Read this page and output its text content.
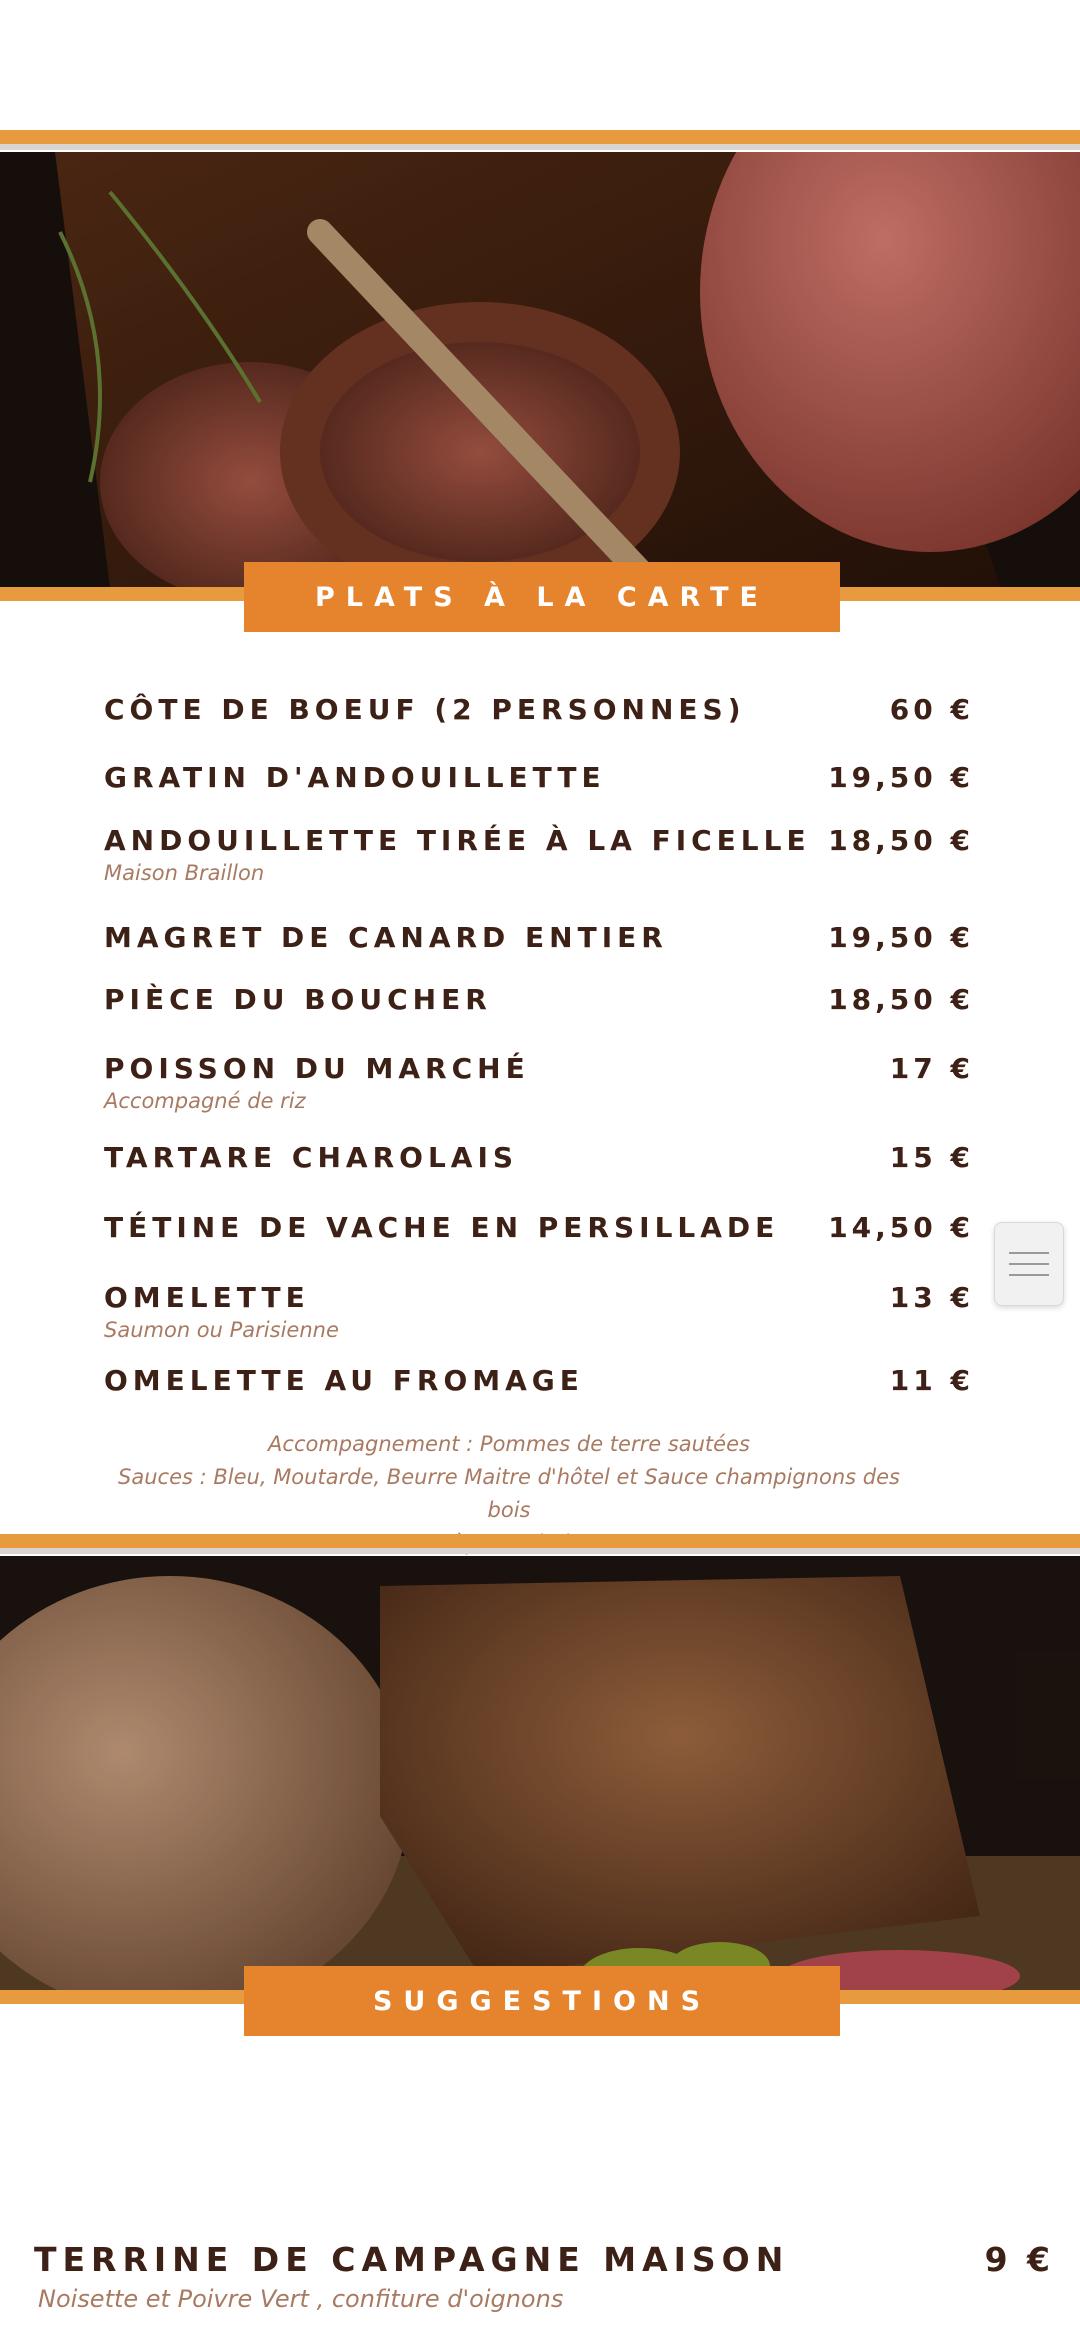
PLATS À LA CARTE
CÔTE DE BOEUF (2 PERSONNES)	60 €
GRATIN D'ANDOUILLETTE	19,50 €
ANDOUILLETTE TIRÉE À LA FICELLE 18,50 €
Maison Braillon
MAGRET DE CANARD ENTIER	19,50 €
PIÈCE DU BOUCHER	18,50 €
POISSON DU MARCHÉ	17 €
Accompagné de riz
TARTARE CHAROLAIS	15 €
TÉTINE DE VACHE EN PERSILLADE	14,50 €
OMELETTE	13 €
Saumon ou Parisienne
OMELETTE AU FROMAGE	11 €
Accompagnement : Pommes de terre sautées
Sauces : Bleu, Moutarde, Beurre Maitre d'hôtel et Sauce champignons des bois
SUGGESTIONS
TERRINE DE CAMPAGNE MAISON	9 €
Noisette et Poivre Vert , confiture d'oignons
